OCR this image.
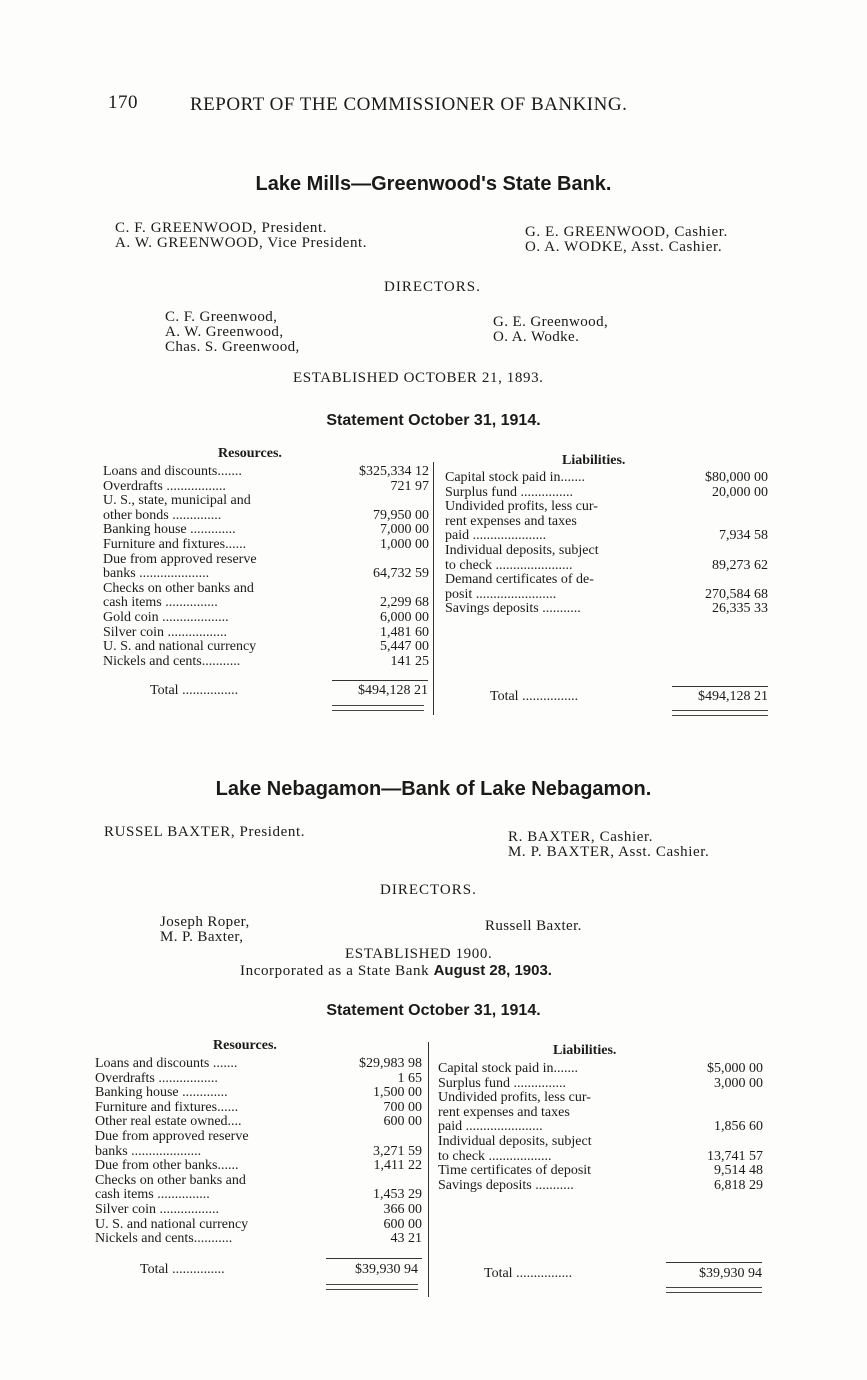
170	REPORT OF THE COMMISSIONER OF BANKING.
Lake Mills—Greenwood's State Bank.
C. F. GREENWOOD, President.
A. W. GREENWOOD, Vice President.
G. E. GREENWOOD, Cashier.
O. A. WODKE, Asst. Cashier.
DIRECTORS.
C. F. Greenwood,
A. W. Greenwood,
Chas. S. Greenwood,
G. E. Greenwood,
O. A. Wodke.
ESTABLISHED OCTOBER 21, 1893.
Statement October 31, 1914.
Resources.	Liabilities.
Loans and discounts.......	$325,334 12
Overdrafts .................	721 97
U. S., state, municipal and
other bonds ..............	79,950 00
Banking house .............	7,000 00
Furniture and fixtures......	1,000 00
Due from approved reserve
banks ....................	64,732 59
Checks on other banks and
cash items ...............	2,299 68
Gold coin ...................	6,000 00
Silver coin .................	1,481 60
U. S. and national currency	5,447 00
Nickels and cents...........	141 25
Capital stock paid in.......	$80,000 00
Surplus fund ...............	20,000 00
Undivided profits, less cur-
rent expenses and taxes
paid .....................	7,934 58
Individual deposits, subject
to check ......................	89,273 62
Demand certificates of de-
posit .......................	270,584 68
Savings deposits ...........	26,335 33
Total ................	$494,128 21	Total ................	$494,128 21
Lake Nebagamon—Bank of Lake Nebagamon.
RUSSEL BAXTER, President.	R. BAXTER, Cashier.
M. P. BAXTER, Asst. Cashier.
DIRECTORS.
Joseph Roper,
M. P. Baxter,
Russell Baxter.
ESTABLISHED 1900.
Incorporated as a State Bank August 28, 1903.
Statement October 31, 1914.
Resources.	Liabilities.
Loans and discounts .......	$29,983 98
Overdrafts .................	1 65
Banking house .............	1,500 00
Furniture and fixtures......	700 00
Other real estate owned....	600 00
Due from approved reserve
banks ....................	3,271 59
Due from other banks......	1,411 22
Checks on other banks and
cash items ...............	1,453 29
Silver coin .................	366 00
U. S. and national currency	600 00
Nickels and cents...........	43 21
Capital stock paid in.......	$5,000 00
Surplus fund ...............	3,000 00
Undivided profits, less cur-
rent expenses and taxes
paid ......................	1,856 60
Individual deposits, subject
to check ..................	13,741 57
Time certificates of deposit	9,514 48
Savings deposits ...........	6,818 29
Total ...............	$39,930 94	Total ................	$39,930 94
